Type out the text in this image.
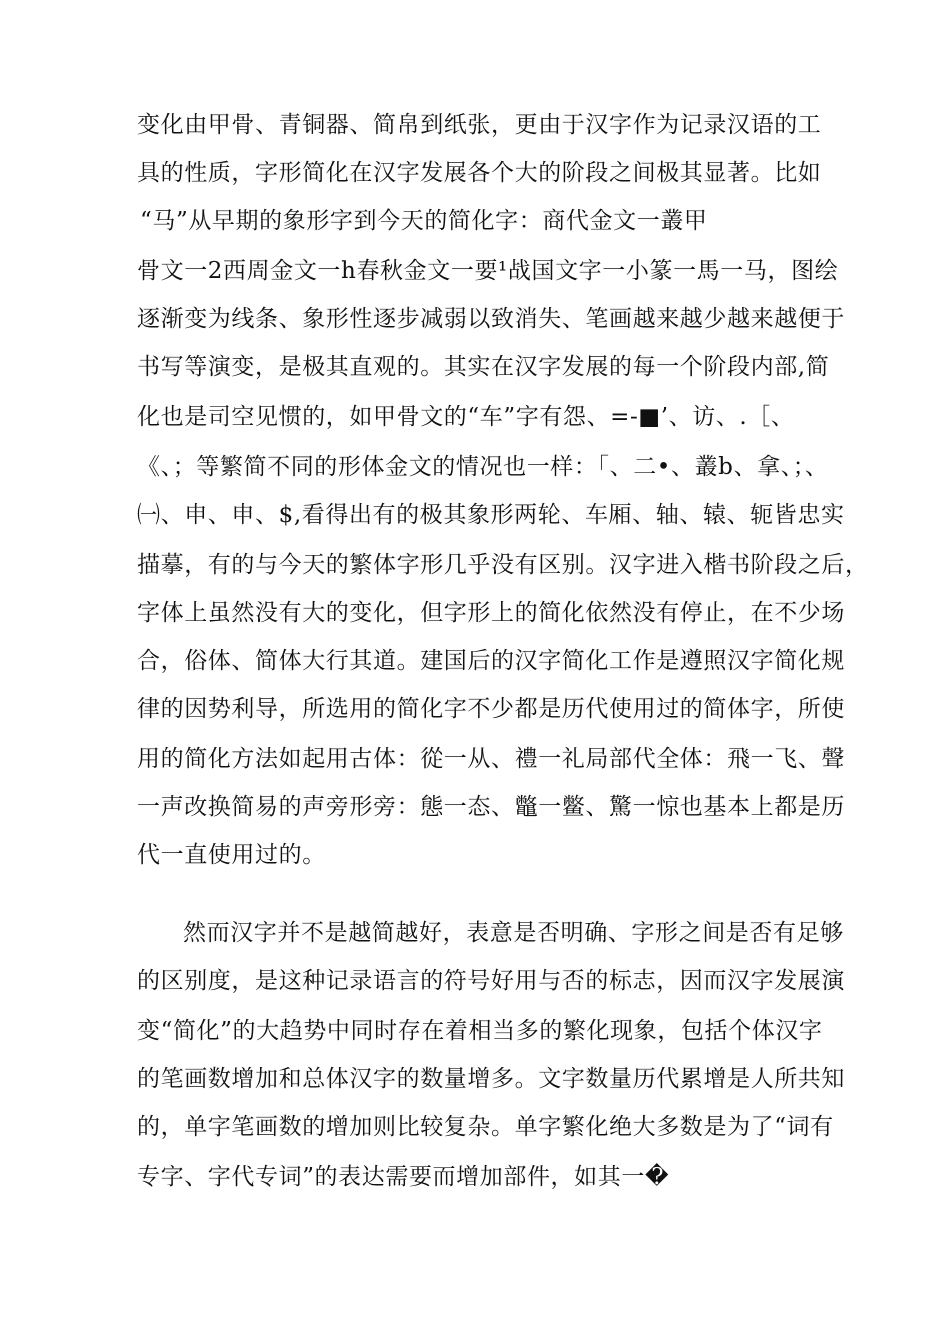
变化由甲骨、青铜器、简帛到纸张，更由于汉字作为记录汉语的工
具的性质，字形简化在汉字发展各个大的阶段之间极其显著。比如
“马”从早期的象形字到今天的简化字：商代金文一叢甲
骨文一2西周金文一h春秋金文一要¹战国文字一小篆一馬一马，图绘
逐渐变为线条、象形性逐步减弱以致消失、笔画越来越少越来越便于
书写等演变，是极其直观的。其实在汉字发展的每一个阶段内部,简
化也是司空见惯的，如甲骨文的“车”字有怨、=-■’、访、.［、
《、；等繁简不同的形体金文的情况也一样：「、二•、叢b、拿、；、
㈠、申、申、$,看得出有的极其象形两轮、车厢、轴、辕、轭皆忠实
描摹，有的与今天的繁体字形几乎没有区别。汉字进入楷书阶段之后，
字体上虽然没有大的变化，但字形上的简化依然没有停止，在不少场
合，俗体、简体大行其道。建国后的汉字简化工作是遵照汉字简化规
律的因势利导，所选用的简化字不少都是历代使用过的简体字，所使
用的简化方法如起用古体：從一从、禮一礼局部代全体：飛一飞、聲
一声改换简易的声旁形旁：態一态、鼈一鳖、驚一惊也基本上都是历
代一直使用过的。
然而汉字并不是越简越好，表意是否明确、字形之间是否有足够
的区别度，是这种记录语言的符号好用与否的标志，因而汉字发展演
变“简化”的大趋势中同时存在着相当多的繁化现象，包括个体汉字
的笔画数增加和总体汉字的数量增多。文字数量历代累增是人所共知
的，单字笔画数的增加则比较复杂。单字繁化绝大多数是为了“词有
专字、字代专词”的表达需要而增加部件，如其一�
